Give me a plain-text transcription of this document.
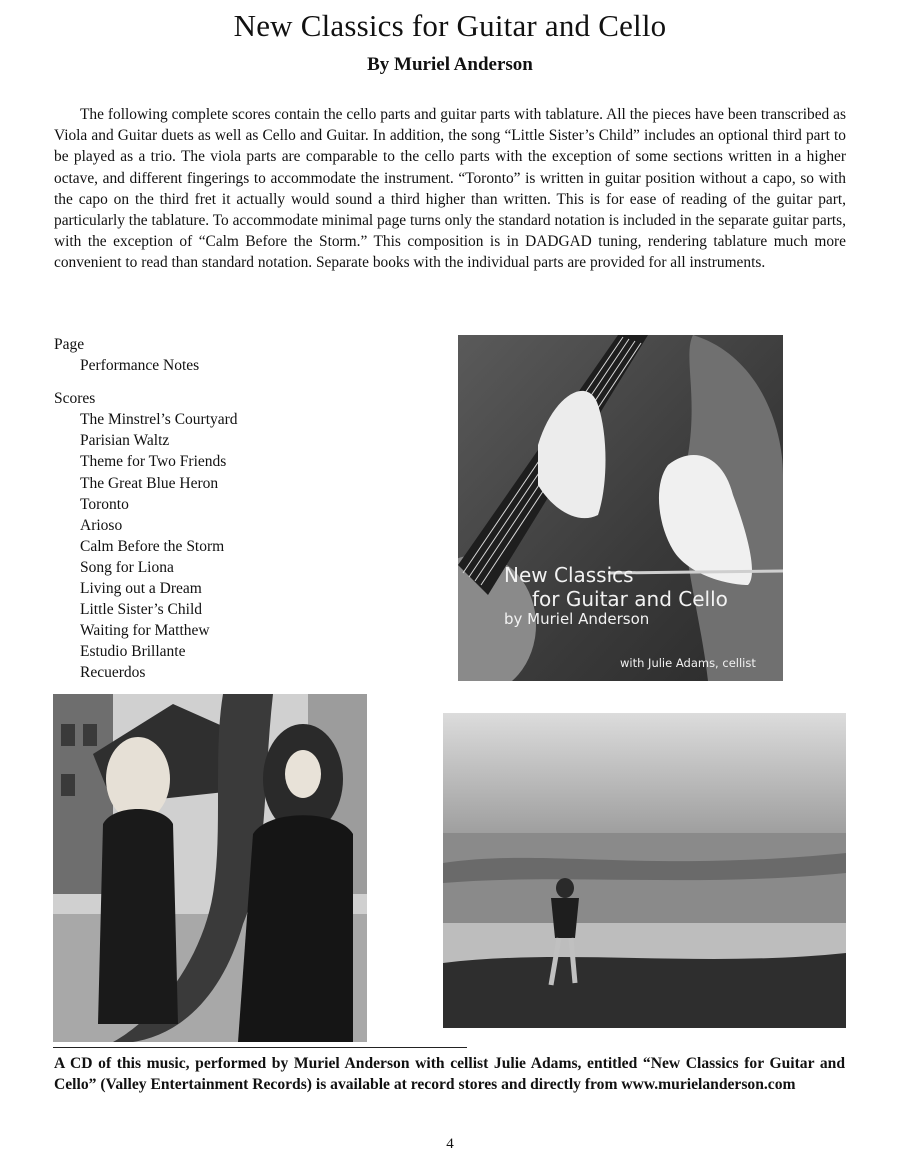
New Classics for Guitar and Cello
By Muriel Anderson

The following complete scores contain the cello parts and guitar parts with tablature. All the pieces have been transcribed as Viola and Guitar duets as well as Cello and Guitar. In addition, the song “Little Sister’s Child” includes an optional third part to be played as a trio. The viola parts are comparable to the cello parts with the exception of some sections written in a higher octave, and different fingerings to accommodate the instrument. “Toronto” is written in guitar position without a capo, so with the capo on the third fret it actually would sound a third higher than written. This is for ease of reading of the guitar part, particularly the tablature. To accommodate minimal page turns only the standard notation is included in the separate guitar parts, with the exception of “Calm Before the Storm.” This composition is in DADGAD tuning, rendering tablature much more convenient to read than standard notation. Separate books with the individual parts are provided for all instruments.

Page
Performance Notes
Scores
The Minstrel’s Courtyard
Parisian Waltz
Theme for Two Friends
The Great Blue Heron
Toronto
Arioso
Calm Before the Storm
Song for Liona
Living out a Dream
Little Sister’s Child
Waiting for Matthew
Estudio Brillante
Recuerdos
New Classics
for Guitar and Cello
by Muriel Anderson
with Julie Adams, cellist

A CD of this music, performed by Muriel Anderson with cellist Julie Adams, entitled “New Classics for Guitar and Cello” (Valley Entertainment Records) is available at record stores and directly from www.murielanderson.com

4
